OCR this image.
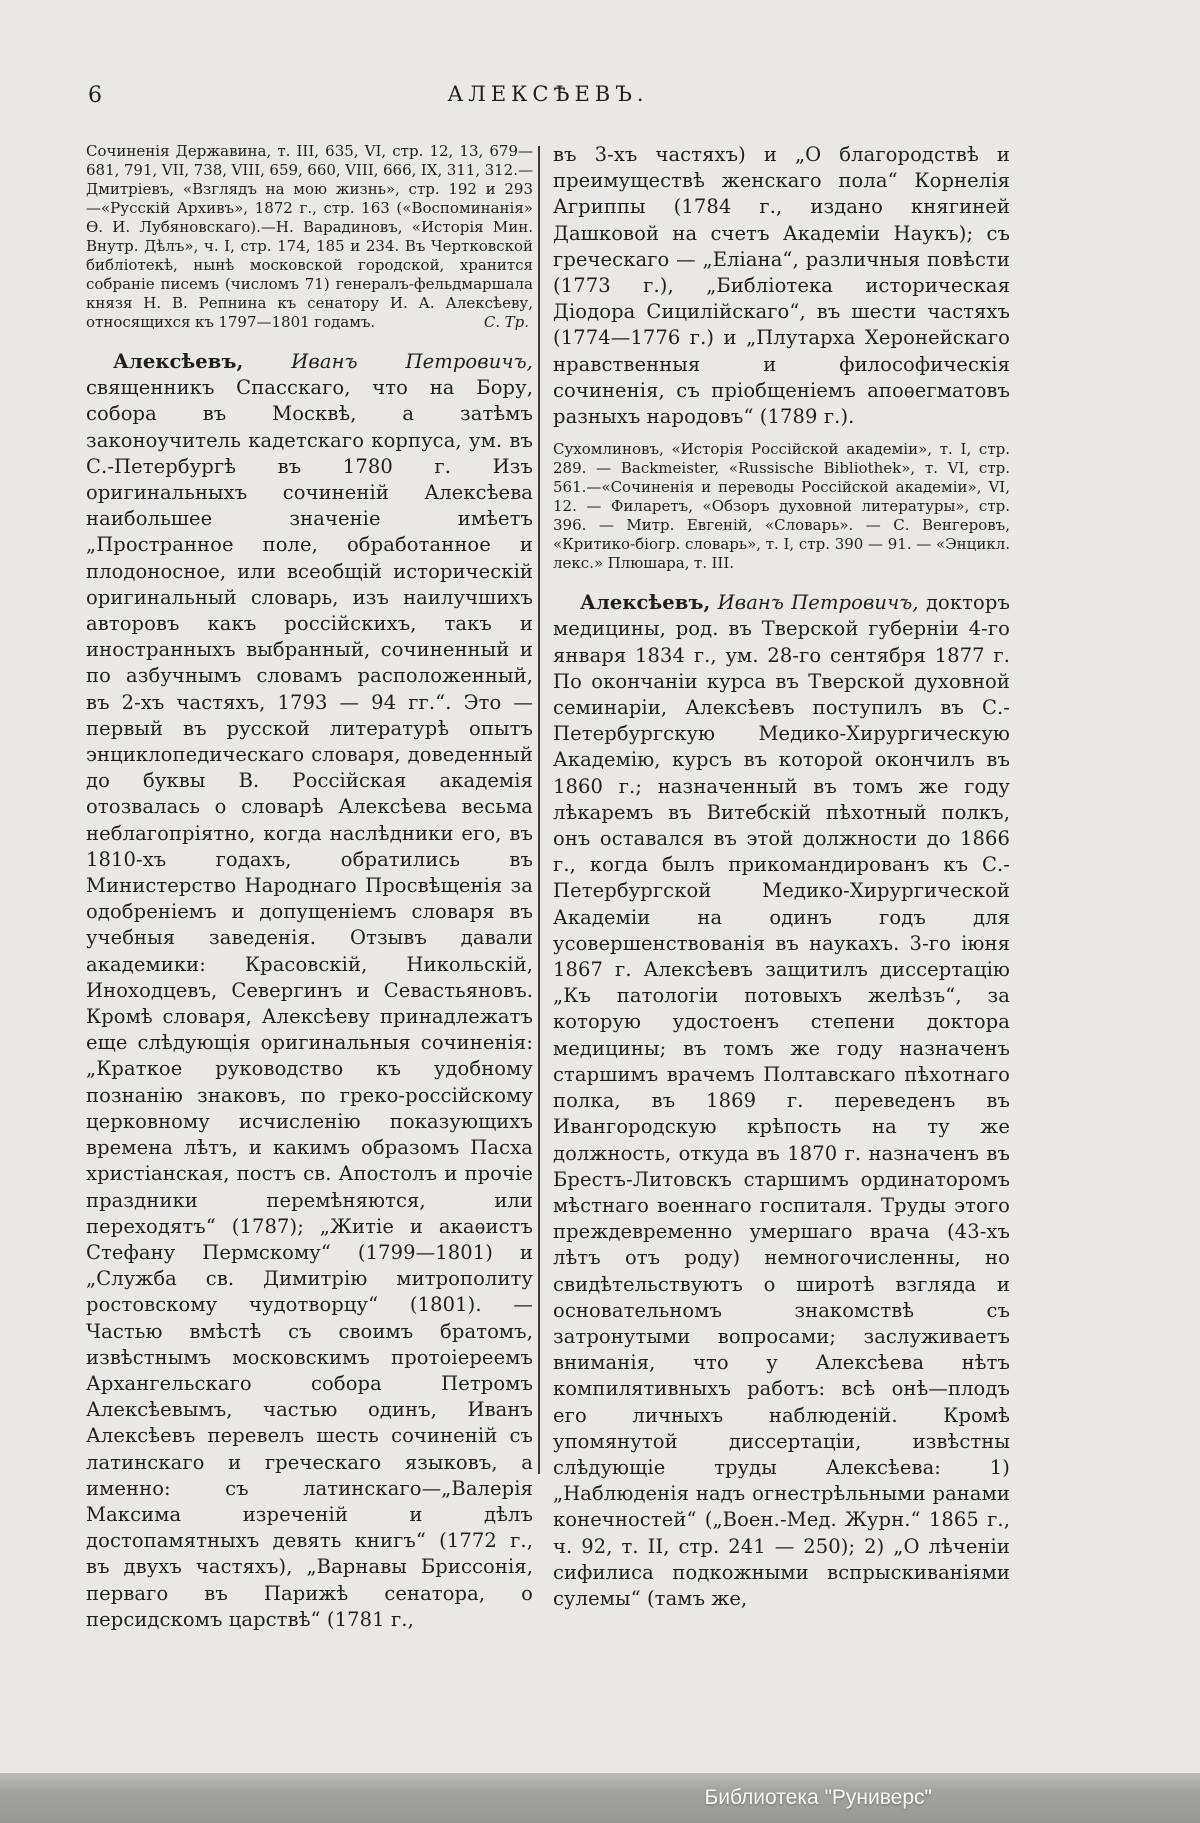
6	АЛЕКСѢЕВЪ.

Сочиненія Державина, т. III, 635, VI, стр. 12, 13, 679—681, 791, VII, 738, VIII, 659, 660, VIII, 666, IX, 311, 312.—Дмитріевъ, «Взглядъ на мою жизнь», стр. 192 и 293 —«Русскій Архивъ», 1872 г., стр. 163 («Воспоминанія» Ѳ. И. Лубяновскаго).—Н. Варадиновъ, «Исторія Мин. Внутр. Дѣлъ», ч. I, стр. 174, 185 и 234. Въ Чертковской библіотекѣ, нынѣ московской городской, хранится собраніе писемъ (числомъ 71) генералъ-фельдмаршала князя Н. В. Репнина къ сенатору И. А. Алексѣеву, относящихся къ 1797—1801 годамъ.	С. Тр.

Алексѣевъ, Иванъ Петровичъ, священникъ Спасскаго, что на Бору, собора въ Москвѣ, а затѣмъ законоучитель кадетскаго корпуса, ум. въ С.-Петербургѣ въ 1780 г. Изъ оригинальныхъ сочиненій Алексѣева наибольшее значеніе имѣетъ „Пространное поле, обработанное и плодоносное, или всеобщій историческій оригинальный словарь, изъ наилучшихъ авторовъ какъ россійскихъ, такъ и иностранныхъ выбранный, сочиненный и по азбучнымъ словамъ расположенный, въ 2-хъ частяхъ, 1793 — 94 гг.“. Это — первый въ русской литературѣ опытъ энциклопедическаго словаря, доведенный до буквы В. Россійская академія отозвалась о словарѣ Алексѣева весьма неблагопріятно, когда наслѣдники его, въ 1810-хъ годахъ, обратились въ Министерство Народнаго Просвѣщенія за одобреніемъ и допущеніемъ словаря въ учебныя заведенія. Отзывъ давали академики: Красовскій, Никольскій, Иноходцевъ, Севергинъ и Севастьяновъ. Кромѣ словаря, Алексѣеву принадлежатъ еще слѣдующія оригинальныя сочиненія: „Краткое руководство къ удобному познанію знаковъ, по греко-россійскому церковному исчисленію показующихъ времена лѣтъ, и какимъ образомъ Пасха христіанская, постъ св. Апостолъ и прочіе праздники перемѣняются, или переходятъ“ (1787); „Житіе и акаѳистъ Стефану Пермскому“ (1799—1801) и „Служба св. Димитрію митрополиту ростовскому чудотворцу“ (1801). — Частью вмѣстѣ съ своимъ братомъ, извѣстнымъ московскимъ протоіереемъ Архангельскаго собора Петромъ Алексѣевымъ, частью одинъ, Иванъ Алексѣевъ перевелъ шесть сочиненій съ латинскаго и греческаго языковъ, а именно: съ латинскаго—„Валерія Максима изреченій и дѣлъ достопамятныхъ девять книгъ“ (1772 г., въ двухъ частяхъ), „Варнавы Бриссонія, перваго въ Парижѣ сенатора, о персидскомъ царствѣ“ (1781 г.,

въ 3-хъ частяхъ) и „О благородствѣ и преимуществѣ женскаго пола“ Корнелія Агриппы (1784 г., издано княгиней Дашковой на счетъ Академіи Наукъ); съ греческаго — „Еліана“, различныя повѣсти (1773 г.), „Библіотека историческая Діодора Сицилійскаго“, въ шести частяхъ (1774—1776 г.) и „Плутарха Херонейскаго нравственныя и философическія сочиненія, съ пріобщеніемъ апоѳегматовъ разныхъ народовъ“ (1789 г.).

Сухомлиновъ, «Исторія Россійской академіи», т. I, стр. 289. — Backmeister, «Russische Bibliothek», т. VI, стр. 561.—«Сочиненія и переводы Россійской академіи», VI, 12. — Филаретъ, «Обзоръ духовной литературы», стр. 396. — Митр. Евгеній, «Словарь». — С. Венгеровъ, «Критико-біогр. словарь», т. I, стр. 390 — 91. — «Энцикл. лекс.» Плюшара, т. III.

Алексѣевъ, Иванъ Петровичъ, докторъ медицины, род. въ Тверской губерніи 4-го января 1834 г., ум. 28-го сентября 1877 г. По окончаніи курса въ Тверской духовной семинаріи, Алексѣевъ поступилъ въ С.-Петербургскую Медико-Хирургическую Академію, курсъ въ которой окончилъ въ 1860 г.; назначенный въ томъ же году лѣкаремъ въ Витебскій пѣхотный полкъ, онъ оставался въ этой должности до 1866 г., когда былъ прикомандированъ къ С.-Петербургской Медико-Хирургической Академіи на одинъ годъ для усовершенствованія въ наукахъ. 3-го іюня 1867 г. Алексѣевъ защитилъ диссертацію „Къ патологіи потовыхъ желѣзъ“, за которую удостоенъ степени доктора медицины; въ томъ же году назначенъ старшимъ врачемъ Полтавскаго пѣхотнаго полка, въ 1869 г. переведенъ въ Ивангородскую крѣпость на ту же должность, откуда въ 1870 г. назначенъ въ Брестъ-Литовскъ старшимъ ординаторомъ мѣстнаго военнаго госпиталя. Труды этого преждевременно умершаго врача (43-хъ лѣтъ отъ роду) немногочисленны, но свидѣтельствуютъ о широтѣ взгляда и основательномъ знакомствѣ съ затронутыми вопросами; заслуживаетъ вниманія, что у Алексѣева нѣтъ компилятивныхъ работъ: всѣ онѣ—плодъ его личныхъ наблюденій. Кромѣ упомянутой диссертаціи, извѣстны слѣдующіе труды Алексѣева: 1) „Наблюденія надъ огнестрѣльными ранами конечностей“ („Воен.-Мед. Журн.“ 1865 г., ч. 92, т. II, стр. 241 — 250); 2) „О лѣченіи сифилиса подкожными вспрыскиваніями сулемы“ (тамъ же,

Библиотека "Руниверс"
